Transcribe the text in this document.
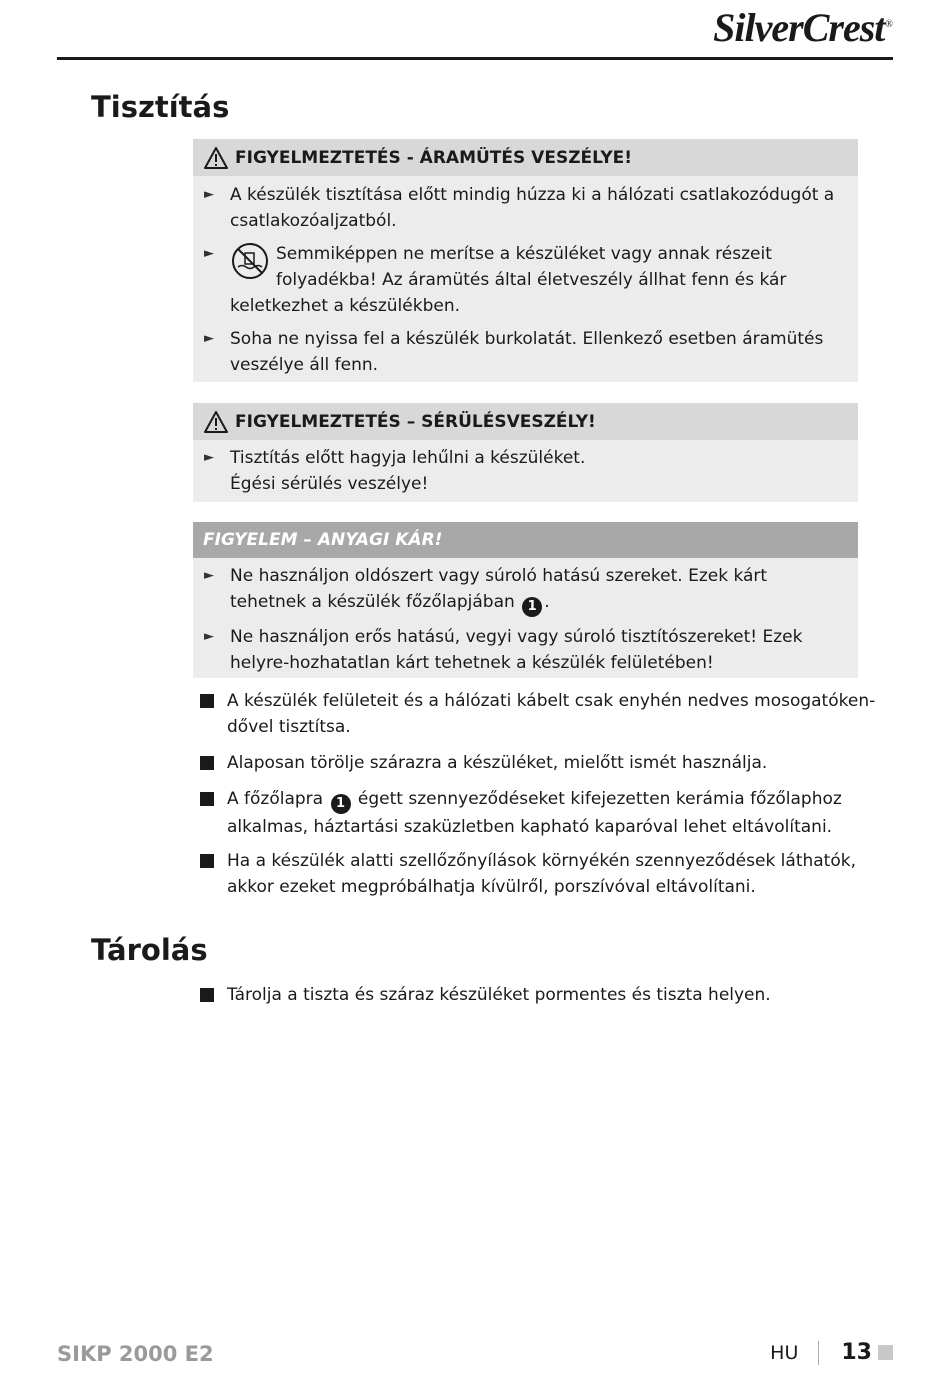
SilverCrest®
Tisztítás
FIGYELMEZTETÉS - ÁRAMÜTÉS VESZÉLYE!
► A készülék tisztítása előtt mindig húzza ki a hálózati csatlakozódugót a csatlakozóaljzatból.
►	Semmiképpen ne merítse a készüléket vagy annak részeit folyadékba! Az áramütés által életveszély állhat fenn és kár keletkezhet a készülékben.
► Soha ne nyissa fel a készülék burkolatát. Ellenkező esetben áramütés veszélye áll fenn.
FIGYELMEZTETÉS – SÉRÜLÉSVESZÉLY!
► Tisztítás előtt hagyja lehűlni a készüléket.
Égési sérülés veszélye!
FIGYELEM – ANYAGI KÁR!
► Ne használjon oldószert vagy súroló hatású szereket. Ezek kárt tehetnek a készülék főzőlapjában 1 .
► Ne használjon erős hatású, vegyi vagy súroló tisztítószereket! Ezek helyre-hozhatatlan kárt tehetnek a készülék felületében!
A készülék felületeit és a hálózati kábelt csak enyhén nedves mosogatóken-dővel tisztítsa.
Alaposan törölje szárazra a készüléket, mielőtt ismét használja.
A főzőlapra 1 égett szennyeződéseket kifejezetten kerámia főzőlaphoz alkalmas, háztartási szaküzletben kapható kaparóval lehet eltávolítani.
Ha a készülék alatti szellőzőnyílások környékén szennyeződések láthatók, akkor ezeket megpróbálhatja kívülről, porszívóval eltávolítani.
Tárolás
Tárolja a tiszta és száraz készüléket pormentes és tiszta helyen.
SIKP 2000 E2	HU 13
